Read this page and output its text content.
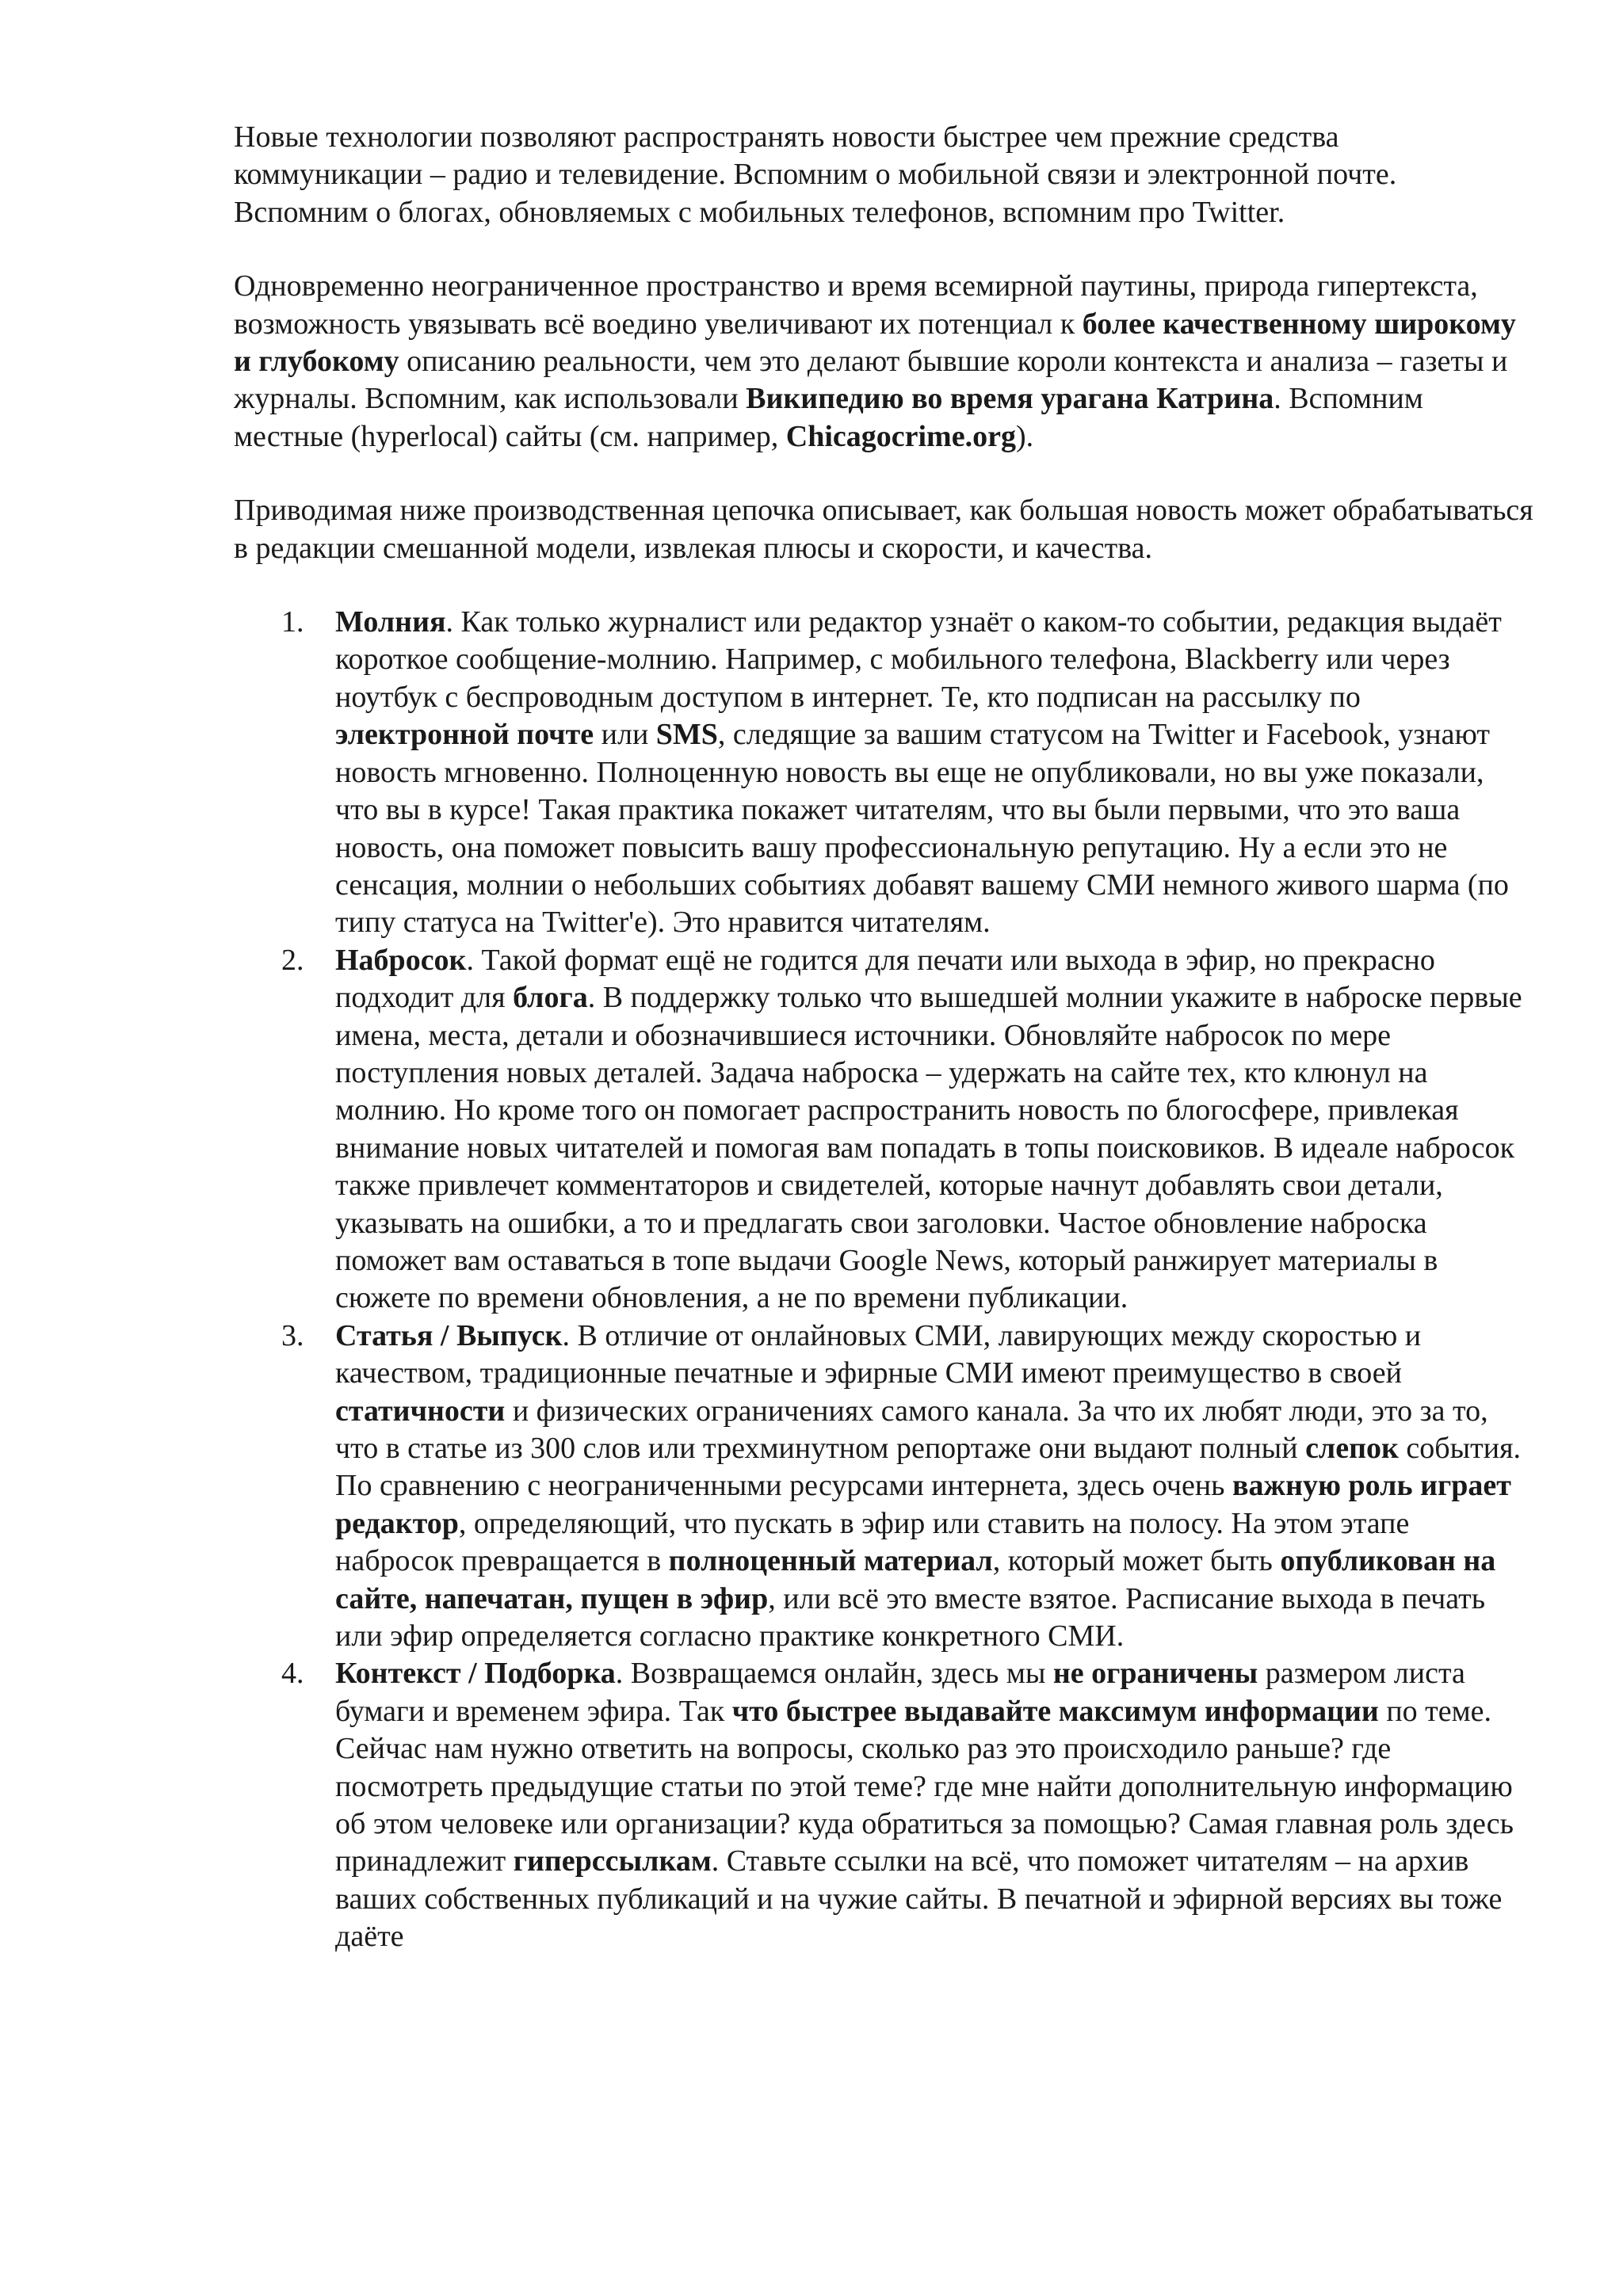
Новые технологии позволяют распространять новости быстрее чем прежние средства коммуникации – радио и телевидение. Вспомним о мобильной связи и электронной почте. Вспомним о блогах, обновляемых с мобильных телефонов, вспомним про Twitter.

Одновременно неограниченное пространство и время всемирной паутины, природа гипертекста, возможность увязывать всё воедино увеличивают их потенциал к более качественному широкому и глубокому описанию реальности, чем это делают бывшие короли контекста и анализа – газеты и журналы. Вспомним, как использовали Википедию во время урагана Катрина. Вспомним местные (hyperlocal) сайты (см. например, Chicagocrime.org).

Приводимая ниже производственная цепочка описывает, как большая новость может обрабатываться в редакции смешанной модели, извлекая плюсы и скорости, и качества.

1. Молния. Как только журналист или редактор узнаёт о каком-то событии, редакция выдаёт короткое сообщение-молнию. Например, с мобильного телефона, Blackberry или через ноутбук с беспроводным доступом в интернет. Те, кто подписан на рассылку по электронной почте или SMS, следящие за вашим статусом на Twitter и Facebook, узнают новость мгновенно. Полноценную новость вы еще не опубликовали, но вы уже показали, что вы в курсе! Такая практика покажет читателям, что вы были первыми, что это ваша новость, она поможет повысить вашу профессиональную репутацию. Ну а если это не сенсация, молнии о небольших событиях добавят вашему СМИ немного живого шарма (по типу статуса на Twitter'е). Это нравится читателям.
2. Набросок. Такой формат ещё не годится для печати или выхода в эфир, но прекрасно подходит для блога. В поддержку только что вышедшей молнии укажите в наброске первые имена, места, детали и обозначившиеся источники. Обновляйте набросок по мере поступления новых деталей. Задача наброска – удержать на сайте тех, кто клюнул на молнию. Но кроме того он помогает распространить новость по блогосфере, привлекая внимание новых читателей и помогая вам попадать в топы поисковиков. В идеале набросок также привлечет комментаторов и свидетелей, которые начнут добавлять свои детали, указывать на ошибки, а то и предлагать свои заголовки. Частое обновление наброска поможет вам оставаться в топе выдачи Google News, который ранжирует материалы в сюжете по времени обновления, а не по времени публикации.
3. Статья / Выпуск. В отличие от онлайновых СМИ, лавирующих между скоростью и качеством, традиционные печатные и эфирные СМИ имеют преимущество в своей статичности и физических ограничениях самого канала. За что их любят люди, это за то, что в статье из 300 слов или трехминутном репортаже они выдают полный слепок события. По сравнению с неограниченными ресурсами интернета, здесь очень важную роль играет редактор, определяющий, что пускать в эфир или ставить на полосу. На этом этапе набросок превращается в полноценный материал, который может быть опубликован на сайте, напечатан, пущен в эфир, или всё это вместе взятое. Расписание выхода в печать или эфир определяется согласно практике конкретного СМИ.
4. Контекст / Подборка. Возвращаемся онлайн, здесь мы не ограничены размером листа бумаги и временем эфира. Так что быстрее выдавайте максимум информации по теме. Сейчас нам нужно ответить на вопросы, сколько раз это происходило раньше? где посмотреть предыдущие статьи по этой теме? где мне найти дополнительную информацию об этом человеке или организации? куда обратиться за помощью? Самая главная роль здесь принадлежит гиперссылкам. Ставьте ссылки на всё, что поможет читателям – на архив ваших собственных публикаций и на чужие сайты. В печатной и эфирной версиях вы тоже даёте
